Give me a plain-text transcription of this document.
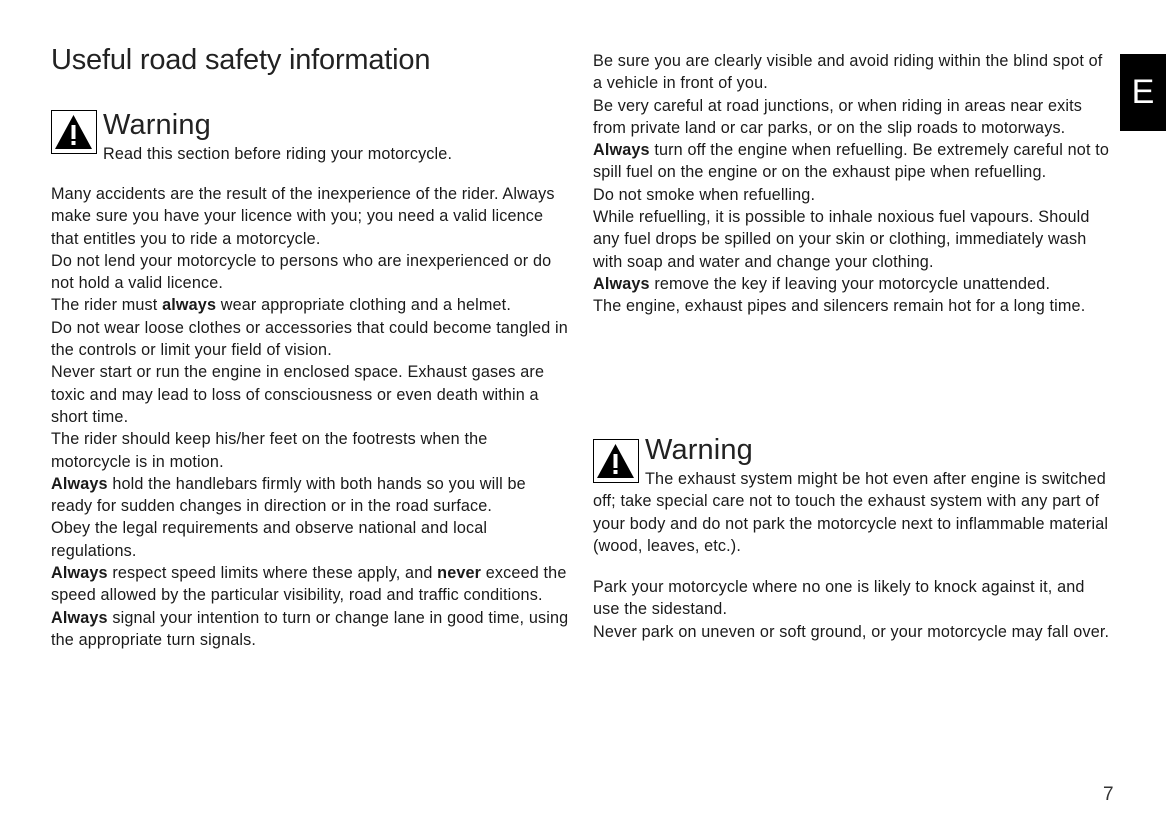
Useful road safety information
Warning

Read this section before riding your motorcycle.

Many accidents are the result of the inexperience of the rider. Always make sure you have your licence with you; you need a valid licence that entitles you to ride a motorcycle.

Do not lend your motorcycle to persons who are inexperienced or do not hold a valid licence.

The rider must always wear appropriate clothing and a helmet.

Do not wear loose clothes or accessories that could become tangled in the controls or limit your field of vision.

Never start or run the engine in enclosed space. Exhaust gases are toxic and may lead to loss of consciousness or even death within a short time.

The rider should keep his/her feet on the footrests when the motorcycle is in motion.

Always hold the handlebars firmly with both hands so you will be ready for sudden changes in direction or in the road surface.

Obey the legal requirements and observe national and local regulations.

Always respect speed limits where these apply, and never exceed the speed allowed by the particular visibility, road and traffic conditions.

Always signal your intention to turn or change lane in good time, using the appropriate turn signals.

Be sure you are clearly visible and avoid riding within the blind spot of a vehicle in front of you.

Be very careful at road junctions, or when riding in areas near exits from private land or car parks, or on the slip roads to motorways.

Always turn off the engine when refuelling. Be extremely careful not to spill fuel on the engine or on the exhaust pipe when refuelling.

Do not smoke when refuelling.

While refuelling, it is possible to inhale noxious fuel vapours. Should any fuel drops be spilled on your skin or clothing, immediately wash with soap and water and change your clothing.

Always remove the key if leaving your motorcycle unattended.

The engine, exhaust pipes and silencers remain hot for a long time.

Warning

The exhaust system might be hot even after engine is switched off; take special care not to touch the exhaust system with any part of your body and do not park the motorcycle next to inflammable material (wood, leaves, etc.).

Park your motorcycle where no one is likely to knock against it, and use the sidestand.

Never park on uneven or soft ground, or your motorcycle may fall over.

E
7
